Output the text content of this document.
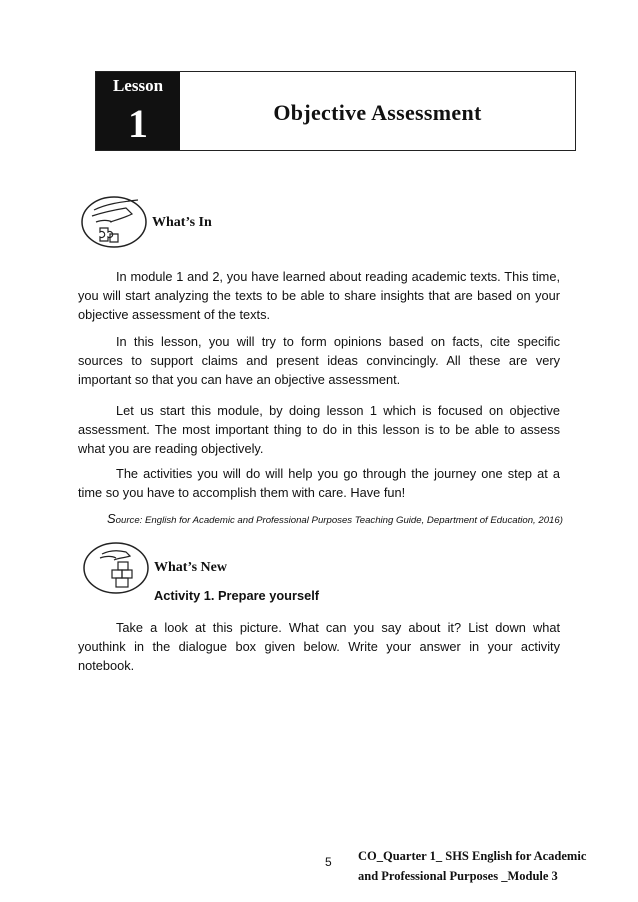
Lesson
1	Objective Assessment
What’s In

In module 1 and 2, you have learned about reading academic texts. This time, you will start analyzing the texts to be able to share insights that are based on your objective assessment of the texts.

In this lesson, you will try to form opinions based on facts, cite specific sources to support claims and present ideas convincingly. All these are very important so that you can have an objective assessment.

Let us start this module, by doing lesson 1 which is focused on objective assessment. The most important thing to do in this lesson is to be able to assess what you are reading objectively.

The activities you will do will help you go through the journey one step at a time so you have to accomplish them with care. Have fun!

Source: English for Academic and Professional Purposes Teaching Guide, Department of Education, 2016)
What’s New
Activity 1. Prepare yourself

Take a look at this picture. What can you say about it? List down what youthink in the dialogue box given below. Write your answer in your activity notebook.

5 CO_Quarter 1_ SHS English for Academic
and Professional Purposes _Module 3
